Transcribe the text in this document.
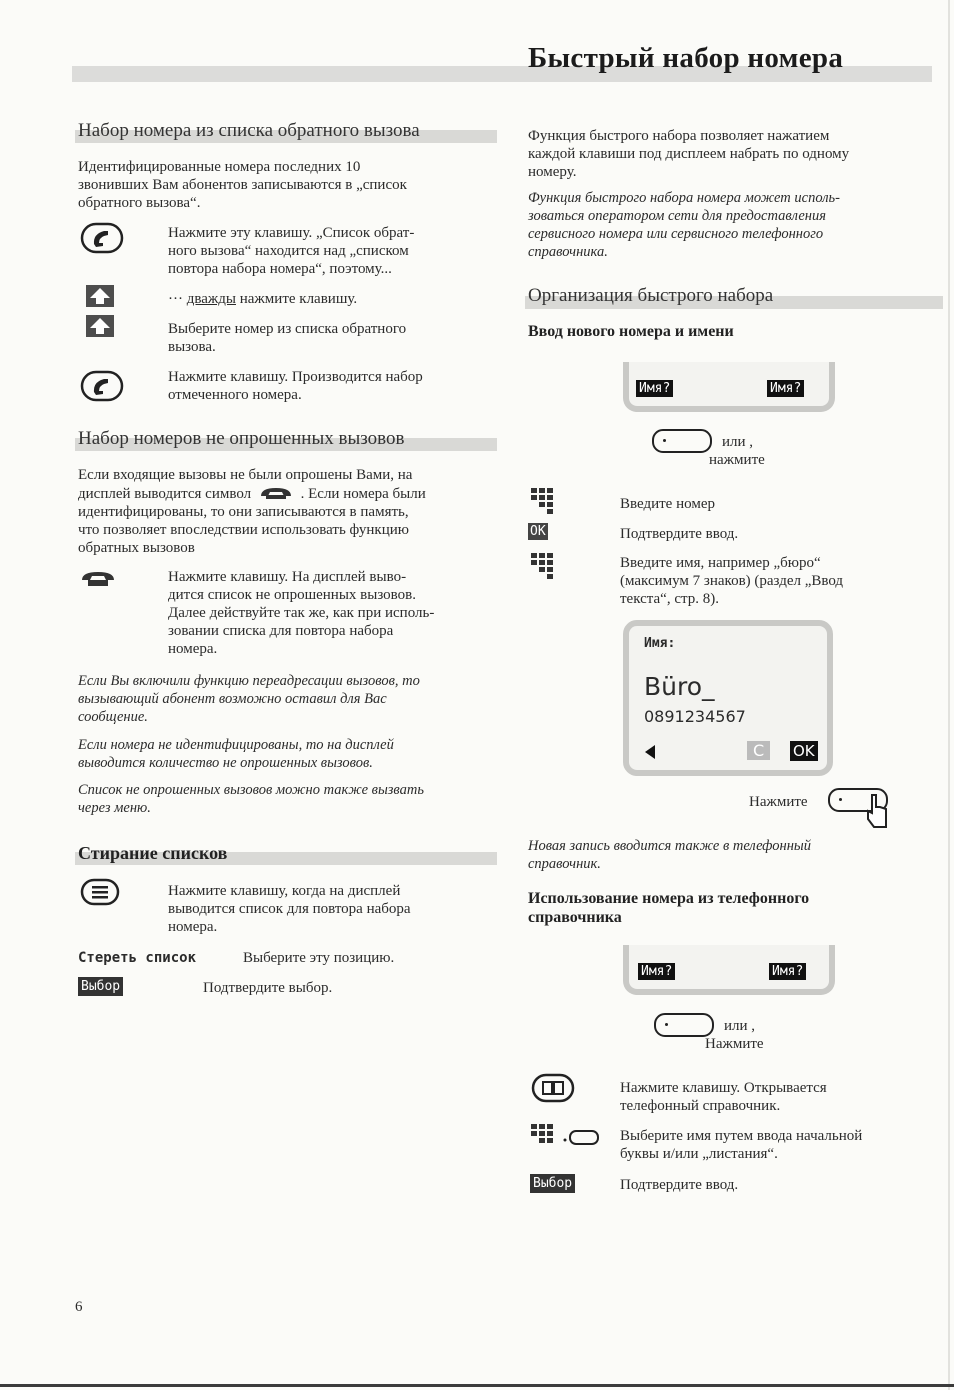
Быстрый набор номера
Набор номера из списка обратного вызова
Идентифицированные номера последних 10
звонивших Вам абонентов записываются в „список
обратного вызова“.
Нажмите эту клавишу. „Список обрат-
ного вызова“ находится над „списком
повтора набора номера“, поэтому...
··· дважды нажмите клавишу.
Выберите номер из списка обратного
вызова.
Нажмите клавишу. Производится набор
отмеченного номера.
Набор номеров не опрошенных вызовов
Если входящие вызовы не были опрошены Вами, на
дисплей выводится символ	. Если номера были
идентифицированы, то они записываются в память,
что позволяет впоследствии использовать функцию
обратных вызовов
Нажмите клавишу. На дисплей выво-
дится список не опрошенных вызовов.
Далее действуйте так же, как при исполь-
зовании списка для повтора набора
номера.
Если Вы включили функцию переадресации вызовов, то
вызывающий абонент возможно оставил для Вас
сообщение.
Если номера не идентифицированы, то на дисплей
выводится количество не опрошенных вызовов.
Список не опрошенных вызовов можно также вызвать
через меню.
Стирание списков
Нажмите клавишу, когда на дисплей
выводится список для повтора набора
номера.
Стереть список	Выберите эту позицию.
Выбор	Подтвердите выбор.
6
Функция быстрого набора позволяет нажатием
каждой клавиши под дисплеем набрать по одному
номеру.
Функция быстрого набора номера может исполь-
зоваться оператором сети для предоставления
сервисного номера или сервисного телефонного
справочника.
Организация быстрого набора
Ввод нового номера и имени
Имя?	Имя?
или ,
нажмите
Введите номер
OK	Подтвердите ввод.
Введите имя, например „бюро“
(максимум 7 знаков) (раздел „Ввод
текста“, стр. 8).
Имя:
Büro_
0891234567
C	OK
Нажмите
Новая запись вводится также в телефонный
справочник.
Использование номера из телефонного
справочника
Имя?	Имя?
или ,
Нажмите
Нажмите клавишу. Открывается
телефонный справочник.
Выберите имя путем ввода начальной
буквы и/или „листания“.
Выбор	Подтвердите ввод.
